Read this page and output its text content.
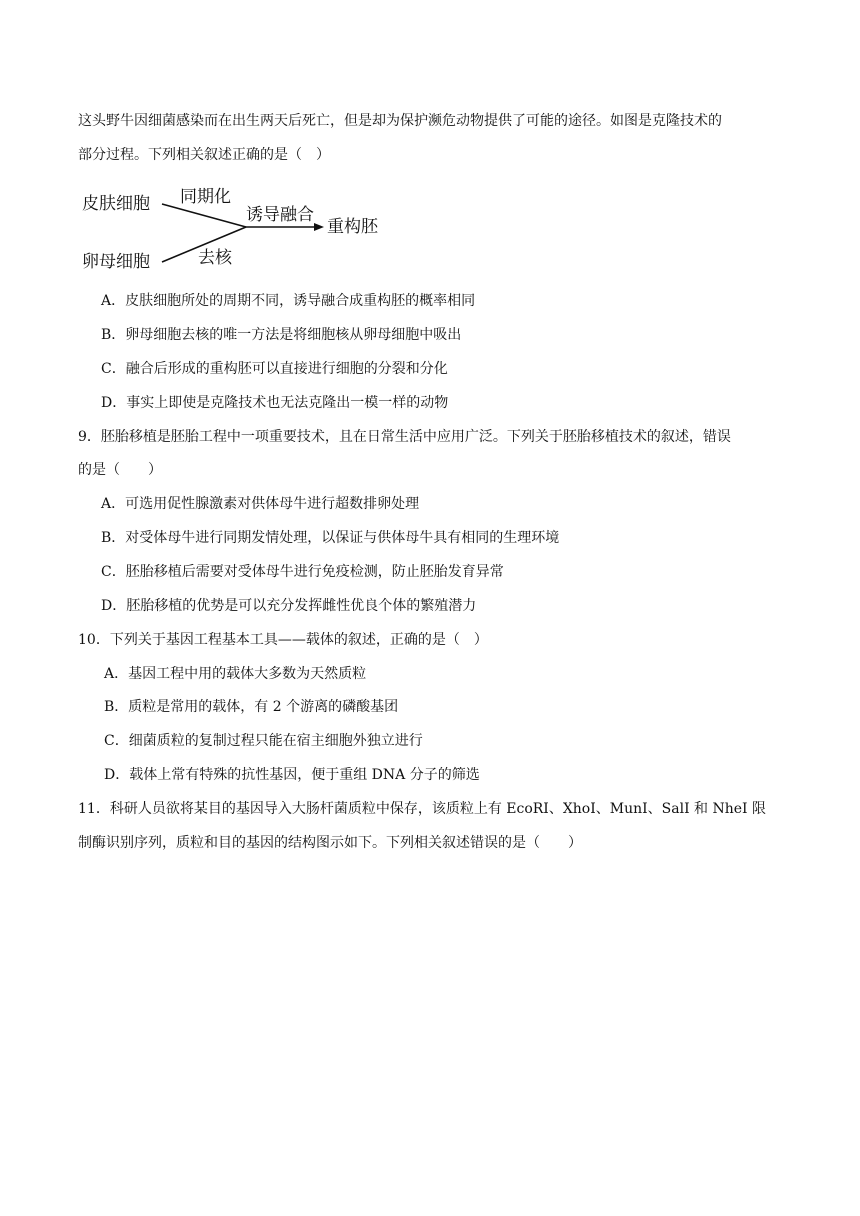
这头野牛因细菌感染而在出生两天后死亡，但是却为保护濒危动物提供了可能的途径。如图是克隆技术的
部分过程。下列相关叙述正确的是（　）
皮肤细胞
卵母细胞
同期化
去核
诱导融合
重构胚
A．皮肤细胞所处的周期不同，诱导融合成重构胚的概率相同
B．卵母细胞去核的唯一方法是将细胞核从卵母细胞中吸出
C．融合后形成的重构胚可以直接进行细胞的分裂和分化
D．事实上即使是克隆技术也无法克隆出一模一样的动物
9．胚胎移植是胚胎工程中一项重要技术，且在日常生活中应用广泛。下列关于胚胎移植技术的叙述，错误
的是（　　）
A．可选用促性腺激素对供体母牛进行超数排卵处理
B．对受体母牛进行同期发情处理，以保证与供体母牛具有相同的生理环境
C．胚胎移植后需要对受体母牛进行免疫检测，防止胚胎发育异常
D．胚胎移植的优势是可以充分发挥雌性优良个体的繁殖潜力
10．下列关于基因工程基本工具——载体的叙述，正确的是（　）
A．基因工程中用的载体大多数为天然质粒
B．质粒是常用的载体，有 2 个游离的磷酸基团
C．细菌质粒的复制过程只能在宿主细胞外独立进行
D．载体上常有特殊的抗性基因，便于重组 DNA 分子的筛选
11．科研人员欲将某目的基因导入大肠杆菌质粒中保存，该质粒上有 EcoRI、XhoI、MunI、SalI 和 NheI 限
制酶识别序列，质粒和目的基因的结构图示如下。下列相关叙述错误的是（　　）
